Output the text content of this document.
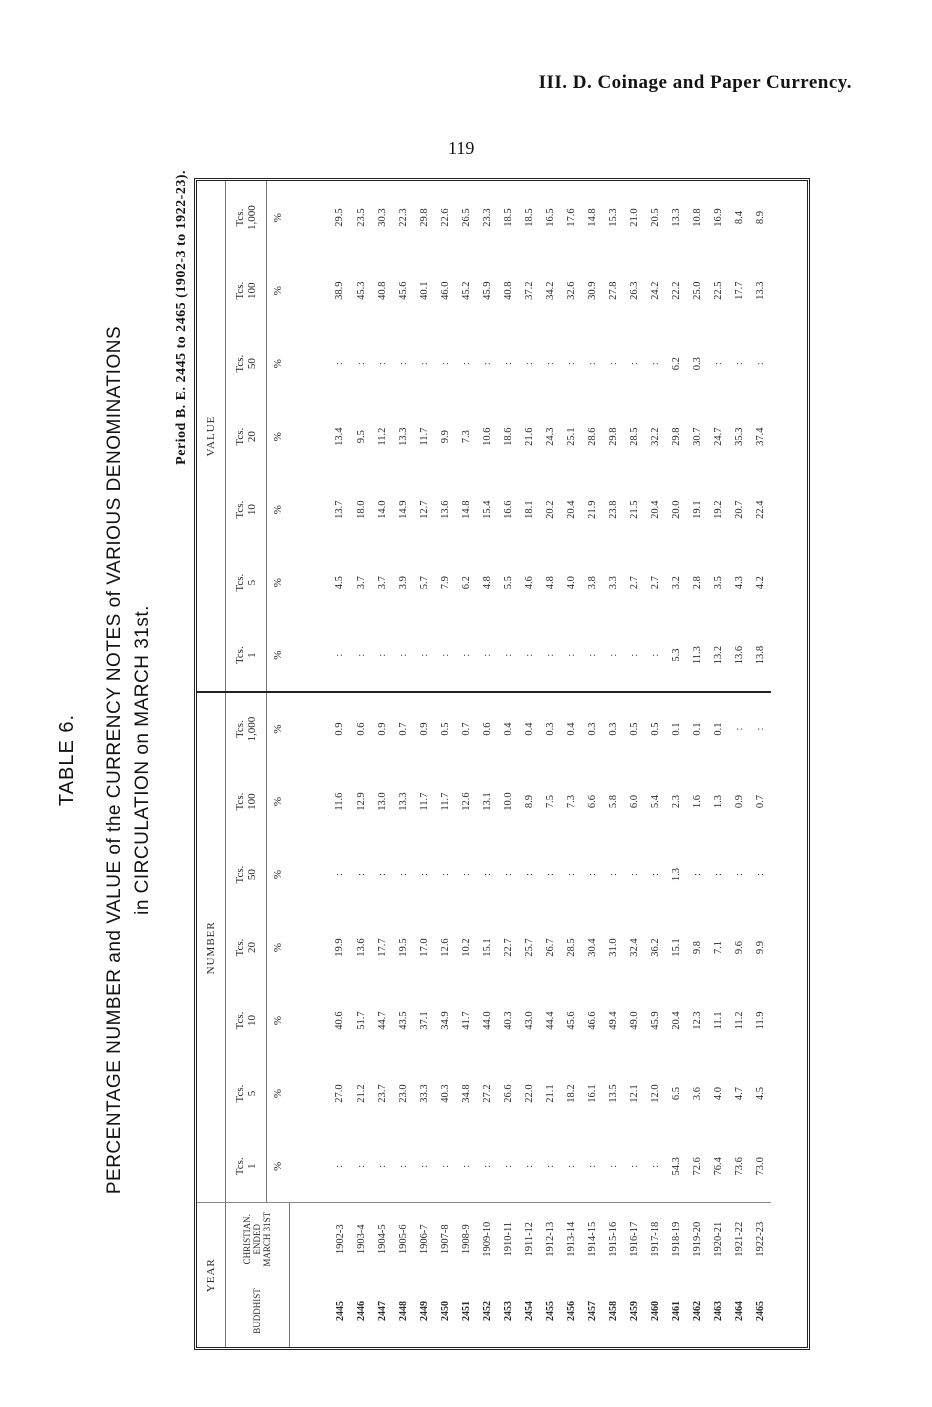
III. D. Coinage and Paper Currency.
119
TABLE 6. PERCENTAGE NUMBER and VALUE of the CURRENCY NOTES of VARIOUS DENOMINATIONS in CIRCULATION on MARCH 31st.
Period B. E. 2445 to 2465 (1902-3 to 1922-23).
YEAR		NUMBER							VALUE						
BUDDHIST	CHRISTIAN. ENDED MARCH 31ST	Tcs. 1	Tcs. 5	Tcs. 10	Tcs. 20	Tcs. 50	Tcs. 100	Tcs. 1,000	Tcs. 1	Tcs. 5	Tcs. 10	Tcs. 20	Tcs. 50	Tcs. 100	Tcs. 1,000

		%	%	%	%	%	%	%	%	%	%	%	%	%	%
2445	1902-3	:	27.0	40.6	19.9	:	11.6	0.9	:	4.5	13.7	13.4	:	38.9	29.5
2446	1903-4	:	21.2	51.7	13.6	:	12.9	0.6	:	3.7	18.0	9.5	:	45.3	23.5
2447	1904-5	:	23.7	44.7	17.7	:	13.0	0.9	:	3.7	14.0	11.2	:	40.8	30.3
2448	1905-6	:	23.0	43.5	19.5	:	13.3	0.7	:	3.9	14.9	13.3	:	45.6	22.3
2449	1906-7	:	33.3	37.1	17.0	:	11.7	0.9	:	5.7	12.7	11.7	:	40.1	29.8
2450	1907-8	:	40.3	34.9	12.6	:	11.7	0.5	:	7.9	13.6	9.9	:	46.0	22.6
2451	1908-9	:	34.8	41.7	10.2	:	12.6	0.7	:	6.2	14.8	7.3	:	45.2	26.5
2452	1909-10	:	27.2	44.0	15.1	:	13.1	0.6	:	4.8	15.4	10.6	:	45.9	23.3
2453	1910-11	:	26.6	40.3	22.7	:	10.0	0.4	:	5.5	16.6	18.6	:	40.8	18.5
2454	1911-12	:	22.0	43.0	25.7	:	8.9	0.4	:	4.6	18.1	21.6	:	37.2	18.5
2455	1912-13	:	21.1	44.4	26.7	:	7.5	0.3	:	4.8	20.2	24.3	:	34.2	16.5
2456	1913-14	:	18.2	45.6	28.5	:	7.3	0.4	:	4.0	20.4	25.1	:	32.6	17.6
2457	1914-15	:	16.1	46.6	30.4	:	6.6	0.3	:	3.8	21.9	28.6	:	30.9	14.8
2458	1915-16	:	13.5	49.4	31.0	:	5.8	0.3	:	3.3	23.8	29.8	:	27.8	15.3
2459	1916-17	:	12.1	49.0	32.4	:	6.0	0.5	:	2.7	21.5	28.5	:	26.3	21.0
2460	1917-18	:	12.0	45.9	36.2	:	5.4	0.5	:	2.7	20.4	32.2	:	24.2	20.5
2461	1918-19	54.3	6.5	20.4	15.1	1.3	2.3	0.1	5.3	3.2	20.0	29.8	6.2	22.2	13.3
2462	1919-20	72.6	3.6	12.3	9.8	:	1.6	0.1	11.3	2.8	19.1	30.7	0.3	25.0	10.8
2463	1920-21	76.4	4.0	11.1	7.1	:	1.3	0.1	13.2	3.5	19.2	24.7	:	22.5	16.9
2464	1921-22	73.6	4.7	11.2	9.6	:	0.9	:	13.6	4.3	20.7	35.3	:	17.7	8.4
2465	1922-23	73.0	4.5	11.9	9.9	:	0.7	:	13.8	4.2	22.4	37.4	:	13.3	8.9
